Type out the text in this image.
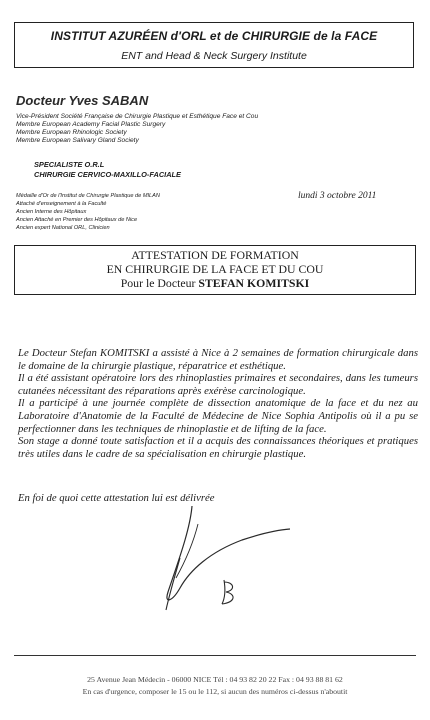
INSTITUT AZURÉEN d'ORL et de CHIRURGIE de la FACE
ENT and Head & Neck Surgery Institute
Docteur Yves SABAN
Vice-Président Société Française de Chirurgie Plastique et Esthétique Face et Cou
Membre European Academy Facial Plastic Surgery
Membre European Rhinologic Society
Membre European Salivary Gland Society
SPECIALISTE O.R.L
CHIRURGIE CERVICO-MAXILLO-FACIALE
lundi 3 octobre 2011
Médaille d'Or de l'Institut de Chirurgie Plastique de MILAN
Attaché d'enseignement à la Faculté
Ancien Interne des Hôpitaux
Ancien Attaché en Premier des Hôpitaux de Nice
Ancien expert National ORL, Clinicien
ATTESTATION DE FORMATION
EN CHIRURGIE DE LA FACE ET DU COU
Pour le Docteur STEFAN KOMITSKI

Le Docteur Stefan KOMITSKI a assisté à Nice à 2 semaines de formation chirurgicale dans le domaine de la chirurgie plastique, réparatrice et esthétique.

Il a été assistant opératoire lors des rhinoplasties primaires et secondaires, dans les tumeurs cutanées nécessitant des réparations après exérèse carcinologique.

Il a participé à une journée complète de dissection anatomique de la face et du nez au Laboratoire d'Anatomie de la Faculté de Médecine de Nice Sophia Antipolis où il a pu se perfectionner dans les techniques de rhinoplastie et de lifting de la face.

Son stage a donné toute satisfaction et il a acquis des connaissances théoriques et pratiques très utiles dans le cadre de sa spécialisation en chirurgie plastique.

En foi de quoi cette attestation lui est délivrée
25 Avenue Jean Médecin - 06000 NICE Tél : 04 93 82 20 22 Fax : 04 93 88 81 62
En cas d'urgence, composer le 15 ou le 112, si aucun des numéros ci-dessus n'aboutit
